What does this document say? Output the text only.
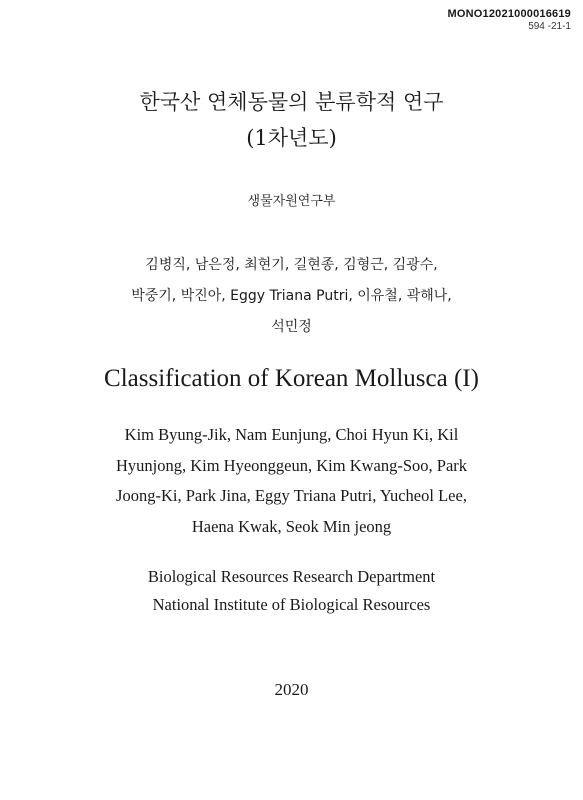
MONO12021000016619
594 -21-1
한국산 연체동물의 분류학적 연구
(1차년도)
생물자원연구부
김병직, 남은정, 최현기, 길현종, 김형근, 김광수,
박중기, 박진아, Eggy Triana Putri, 이유철, 곽해나,
석민정
Classification of Korean Mollusca (I)
Kim Byung-Jik, Nam Eunjung, Choi Hyun Ki, Kil
Hyunjong, Kim Hyeonggeun, Kim Kwang-Soo, Park
Joong-Ki, Park Jina, Eggy Triana Putri, Yucheol Lee,
Haena Kwak, Seok Min jeong
Biological Resources Research Department
National Institute of Biological Resources
2020
